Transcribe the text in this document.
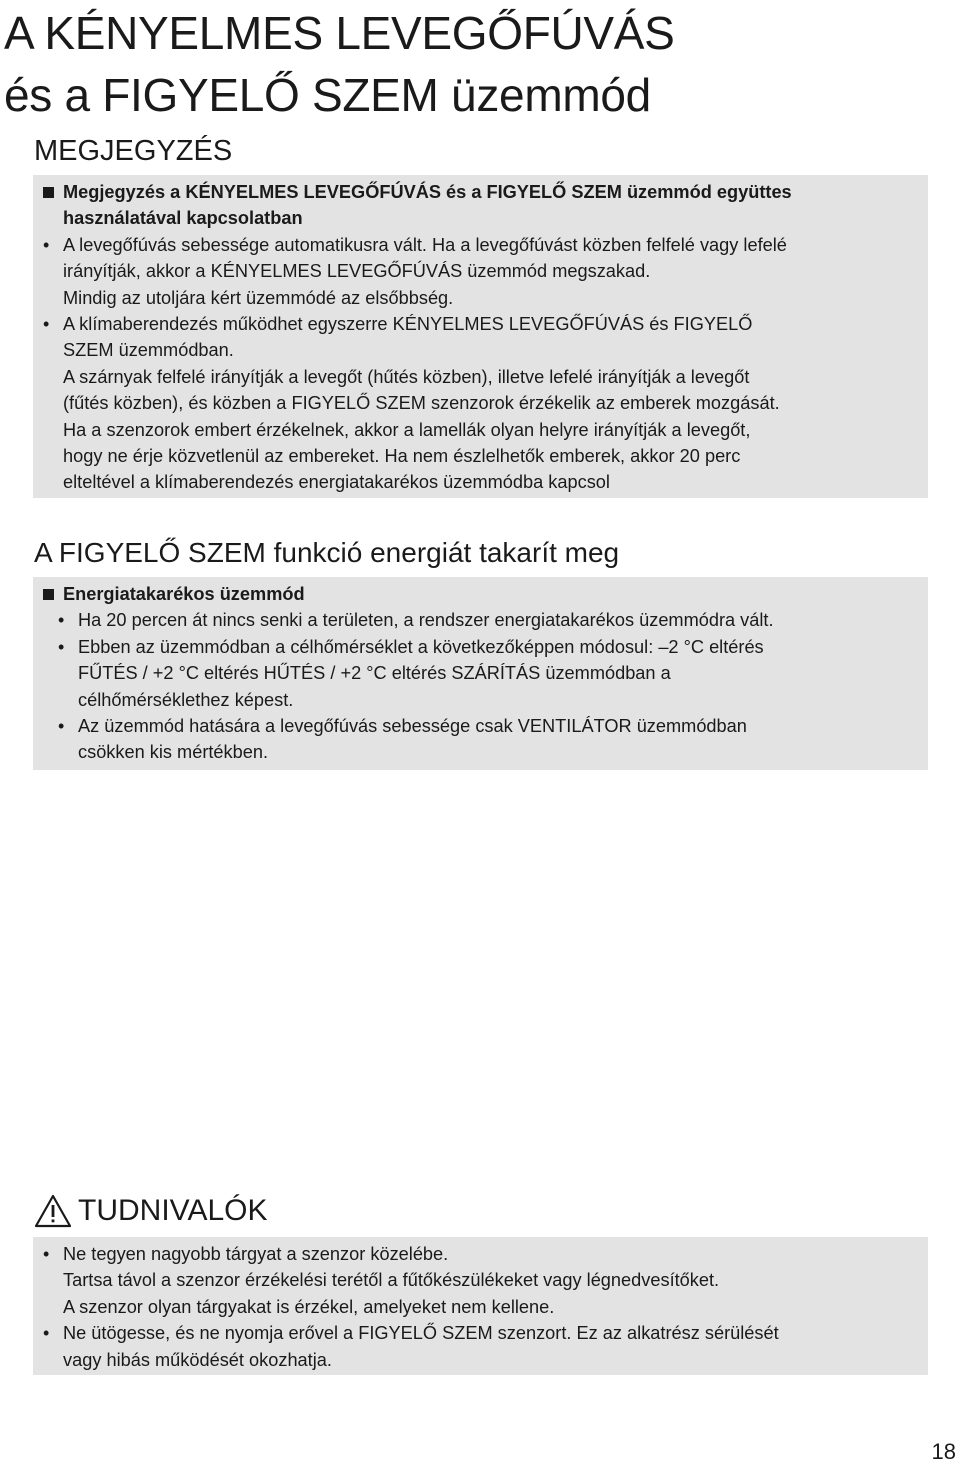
A KÉNYELMES LEVEGŐFÚVÁS
és a FIGYELŐ SZEM üzemmód
MEGJEGYZÉS
Megjegyzés a KÉNYELMES LEVEGŐFÚVÁS és a FIGYELŐ SZEM üzemmód együttes
használatával kapcsolatban
• A levegőfúvás sebessége automatikusra vált. Ha a levegőfúvást közben felfelé vagy lefelé
irányítják, akkor a KÉNYELMES LEVEGŐFÚVÁS üzemmód megszakad.
Mindig az utoljára kért üzemmódé az elsőbbség.
• A klímaberendezés működhet egyszerre KÉNYELMES LEVEGŐFÚVÁS és FIGYELŐ
SZEM üzemmódban.
A szárnyak felfelé irányítják a levegőt (hűtés közben), illetve lefelé irányítják a levegőt
(fűtés közben), és közben a FIGYELŐ SZEM szenzorok érzékelik az emberek mozgását.
Ha a szenzorok embert érzékelnek, akkor a lamellák olyan helyre irányítják a levegőt,
hogy ne érje közvetlenül az embereket. Ha nem észlelhetők emberek, akkor 20 perc
elteltével a klímaberendezés energiatakarékos üzemmódba kapcsol
A FIGYELŐ SZEM funkció energiát takarít meg
Energiatakarékos üzemmód
• Ha 20 percen át nincs senki a területen, a rendszer energiatakarékos üzemmódra vált.
• Ebben az üzemmódban a célhőmérséklet a következőképpen módosul: –2 °C eltérés
FŰTÉS / +2 °C eltérés HŰTÉS / +2 °C eltérés SZÁRÍTÁS üzemmódban a
célhőmérséklethez képest.
• Az üzemmód hatására a levegőfúvás sebessége csak VENTILÁTOR üzemmódban
csökken kis mértékben.
TUDNIVALÓK
• Ne tegyen nagyobb tárgyat a szenzor közelébe.
Tartsa távol a szenzor érzékelési terétől a fűtőkészülékeket vagy légnedvesítőket.
A szenzor olyan tárgyakat is érzékel, amelyeket nem kellene.
• Ne ütögesse, és ne nyomja erővel a FIGYELŐ SZEM szenzort. Ez az alkatrész sérülését
vagy hibás működését okozhatja.
18
